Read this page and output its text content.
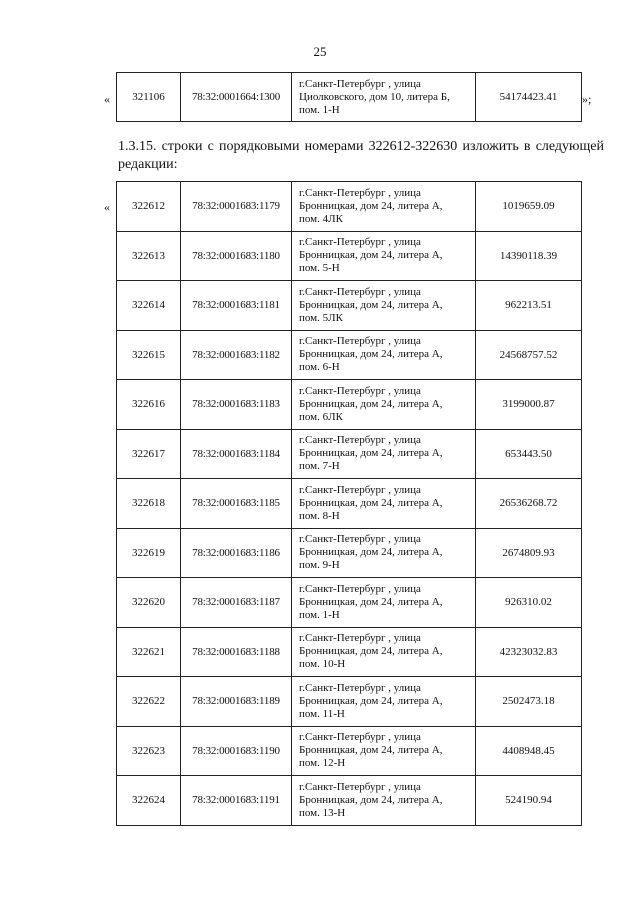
25
« 321106	78:32:0001664:1300	
г.Санкт-Петербург , улица
Циолковского, дом 10, литера Б,
пом. 1-Н
	54174423.41 »;
1.3.15. строки с порядковыми номерами 322612-322630 изложить в следующей редакции:
« 322612	78:32:0001683:1179	г.Санкт-Петербург , улица
Бронницкая, дом 24, литера А,
пом. 4ЛК	1019659.09
322613	78:32:0001683:1180	г.Санкт-Петербург , улица
Бронницкая, дом 24, литера А,
пом. 5-Н	14390118.39
322614	78:32:0001683:1181	г.Санкт-Петербург , улица
Бронницкая, дом 24, литера А,
пом. 5ЛК	962213.51
322615	78:32:0001683:1182	г.Санкт-Петербург , улица
Бронницкая, дом 24, литера А,
пом. 6-Н	24568757.52
322616	78:32:0001683:1183	г.Санкт-Петербург , улица
Бронницкая, дом 24, литера А,
пом. 6ЛК	3199000.87
322617	78:32:0001683:1184	г.Санкт-Петербург , улица
Бронницкая, дом 24, литера А,
пом. 7-Н	653443.50
322618	78:32:0001683:1185	г.Санкт-Петербург , улица
Бронницкая, дом 24, литера А,
пом. 8-Н	26536268.72
322619	78:32:0001683:1186	г.Санкт-Петербург , улица
Бронницкая, дом 24, литера А,
пом. 9-Н	2674809.93
322620	78:32:0001683:1187	г.Санкт-Петербург , улица
Бронницкая, дом 24, литера А,
пом. 1-Н	926310.02
322621	78:32:0001683:1188	г.Санкт-Петербург , улица
Бронницкая, дом 24, литера А,
пом. 10-Н	42323032.83
322622	78:32:0001683:1189	г.Санкт-Петербург , улица
Бронницкая, дом 24, литера А,
пом. 11-Н	2502473.18
322623	78:32:0001683:1190	г.Санкт-Петербург , улица
Бронницкая, дом 24, литера А,
пом. 12-Н	4408948.45
322624	78:32:0001683:1191	г.Санкт-Петербург , улица
Бронницкая, дом 24, литера А,
пом. 13-Н	524190.94
